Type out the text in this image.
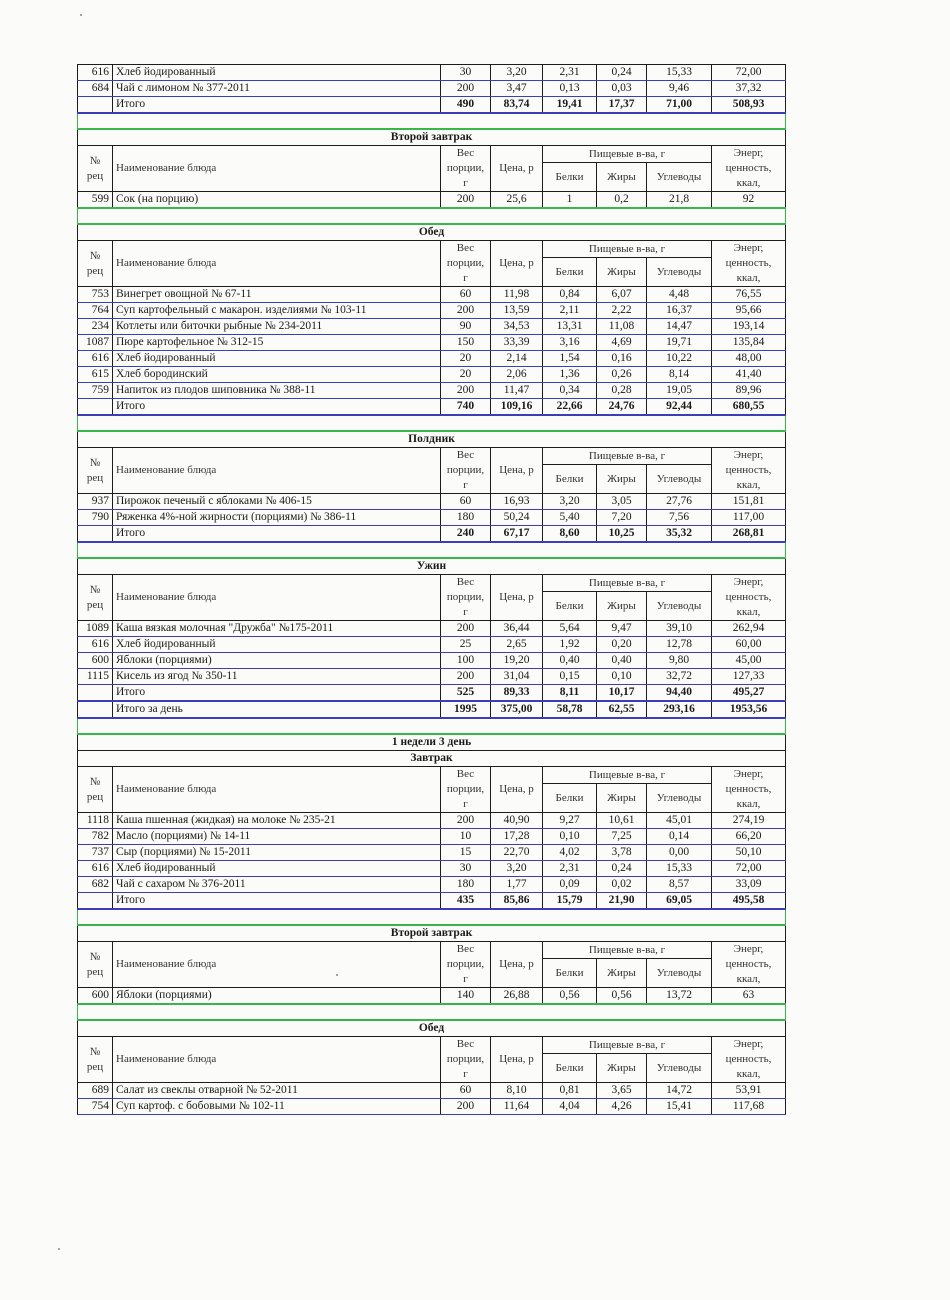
616	Хлеб йодированный	30	3,20	2,31	0,24	15,33	72,00
684	Чай с лимоном № 377-2011	200	3,47	0,13	0,03	9,46	37,32
	Итого	490	83,74	19,41	17,37	71,00	508,93

Второй завтрак							
№ рец	Наименование блюда	Вес порции, г	Цена, р	Пищевые в-ва, г			Энерг, ценность, ккал,
				Белки	Жиры	Углеводы	
599	Сок (на порцию)	200	25,6	1	0,2	21,8	92

Обед							
№ рец	Наименование блюда	Вес порции, г	Цена, р	Пищевые в-ва, г			Энерг, ценность, ккал,
				Белки	Жиры	Углеводы	
753	Винегрет овощной № 67-11	60	11,98	0,84	6,07	4,48	76,55
764	Суп картофельный с макарон. изделиями № 103-11	200	13,59	2,11	2,22	16,37	95,66
234	Котлеты или биточки рыбные № 234-2011	90	34,53	13,31	11,08	14,47	193,14
1087	Пюре картофельное № 312-15	150	33,39	3,16	4,69	19,71	135,84
616	Хлеб йодированный	20	2,14	1,54	0,16	10,22	48,00
615	Хлеб бородинский	20	2,06	1,36	0,26	8,14	41,40
759	Напиток из плодов шиповника № 388-11	200	11,47	0,34	0,28	19,05	89,96
	Итого	740	109,16	22,66	24,76	92,44	680,55

Полдник							
№ рец	Наименование блюда	Вес порции, г	Цена, р	Пищевые в-ва, г			Энерг, ценность, ккал,
				Белки	Жиры	Углеводы	
937	Пирожок печеный с яблоками № 406-15	60	16,93	3,20	3,05	27,76	151,81
790	Ряженка 4%-ной жирности (порциями) № 386-11	180	50,24	5,40	7,20	7,56	117,00
	Итого	240	67,17	8,60	10,25	35,32	268,81

Ужин							
№ рец	Наименование блюда	Вес порции, г	Цена, р	Пищевые в-ва, г			Энерг, ценность, ккал,
				Белки	Жиры	Углеводы	
1089	Каша вязкая молочная "Дружба" №175-2011	200	36,44	5,64	9,47	39,10	262,94
616	Хлеб йодированный	25	2,65	1,92	0,20	12,78	60,00
600	Яблоки (порциями)	100	19,20	0,40	0,40	9,80	45,00
1115	Кисель из ягод № 350-11	200	31,04	0,15	0,10	32,72	127,33
	Итого	525	89,33	8,11	10,17	94,40	495,27
	Итого за день	1995	375,00	58,78	62,55	293,16	1953,56

1 недели 3 день							
Завтрак							
№ рец	Наименование блюда	Вес порции, г	Цена, р	Пищевые в-ва, г			Энерг, ценность, ккал,
				Белки	Жиры	Углеводы	
1118	Каша пшенная (жидкая) на молоке № 235-21	200	40,90	9,27	10,61	45,01	274,19
782	Масло (порциями) № 14-11	10	17,28	0,10	7,25	0,14	66,20
737	Сыр (порциями) № 15-2011	15	22,70	4,02	3,78	0,00	50,10
616	Хлеб йодированный	30	3,20	2,31	0,24	15,33	72,00
682	Чай с сахаром № 376-2011	180	1,77	0,09	0,02	8,57	33,09
	Итого	435	85,86	15,79	21,90	69,05	495,58

Второй завтрак							
№ рец	Наименование блюда	Вес порции, г	Цена, р	Пищевые в-ва, г			Энерг, ценность, ккал,
				Белки	Жиры	Углеводы	
600	Яблоки (порциями)	140	26,88	0,56	0,56	13,72	63

Обед							
№ рец	Наименование блюда	Вес порции, г	Цена, р	Пищевые в-ва, г			Энерг, ценность, ккал,
				Белки	Жиры	Углеводы	
689	Салат из свеклы отварной № 52-2011	60	8,10	0,81	3,65	14,72	53,91
754	Суп картоф. с бобовыми № 102-11	200	11,64	4,04	4,26	15,41	117,68
